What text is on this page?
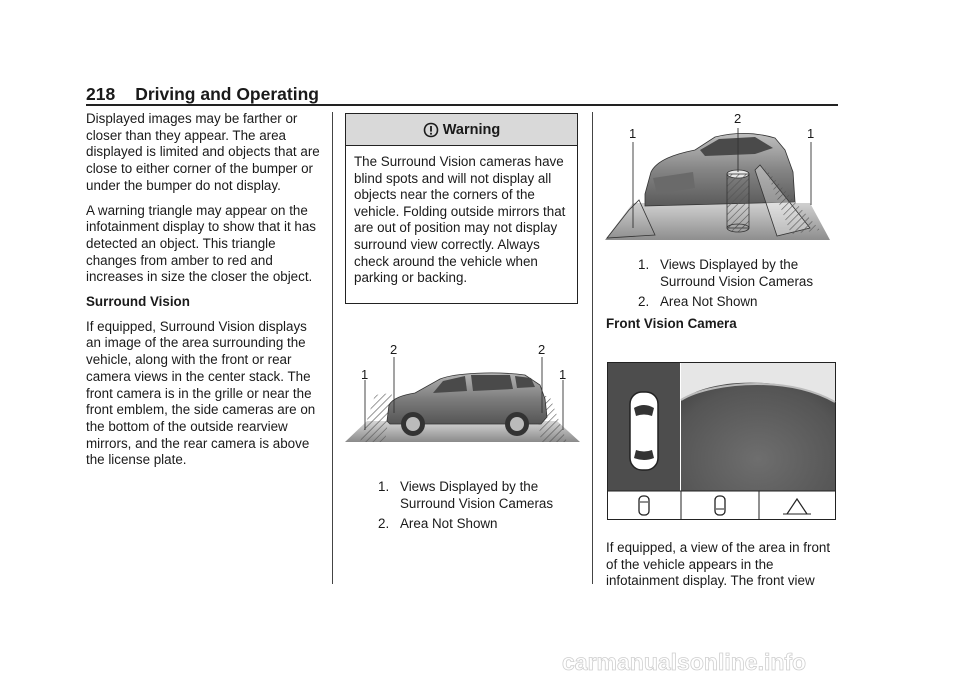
218 Driving and Operating

Displayed images may be farther or closer than they appear. The area displayed is limited and objects that are close to either corner of the bumper or under the bumper do not display.

A warning triangle may appear on the infotainment display to show that it has detected an object. This triangle changes from amber to red and increases in size the closer the object.

Surround Vision

If equipped, Surround Vision displays an image of the area surrounding the vehicle, along with the front or rear camera views in the center stack. The front camera is in the grille or near the front emblem, the side cameras are on the bottom of the outside rearview mirrors, and the rear camera is above the license plate.

Warning
The Surround Vision cameras have blind spots and will not display all objects near the corners of the vehicle. Folding outside mirrors that are out of position may not display surround view correctly. Always check around the vehicle when parking or backing.
1
2	2
1
1. Views Displayed by the Surround Vision Cameras
2. Area Not Shown
1
2
1
1. Views Displayed by the Surround Vision Cameras
2. Area Not Shown
Front Vision Camera
If equipped, a view of the area in front of the vehicle appears in the infotainment display. The front view
carmanualsonline.info
